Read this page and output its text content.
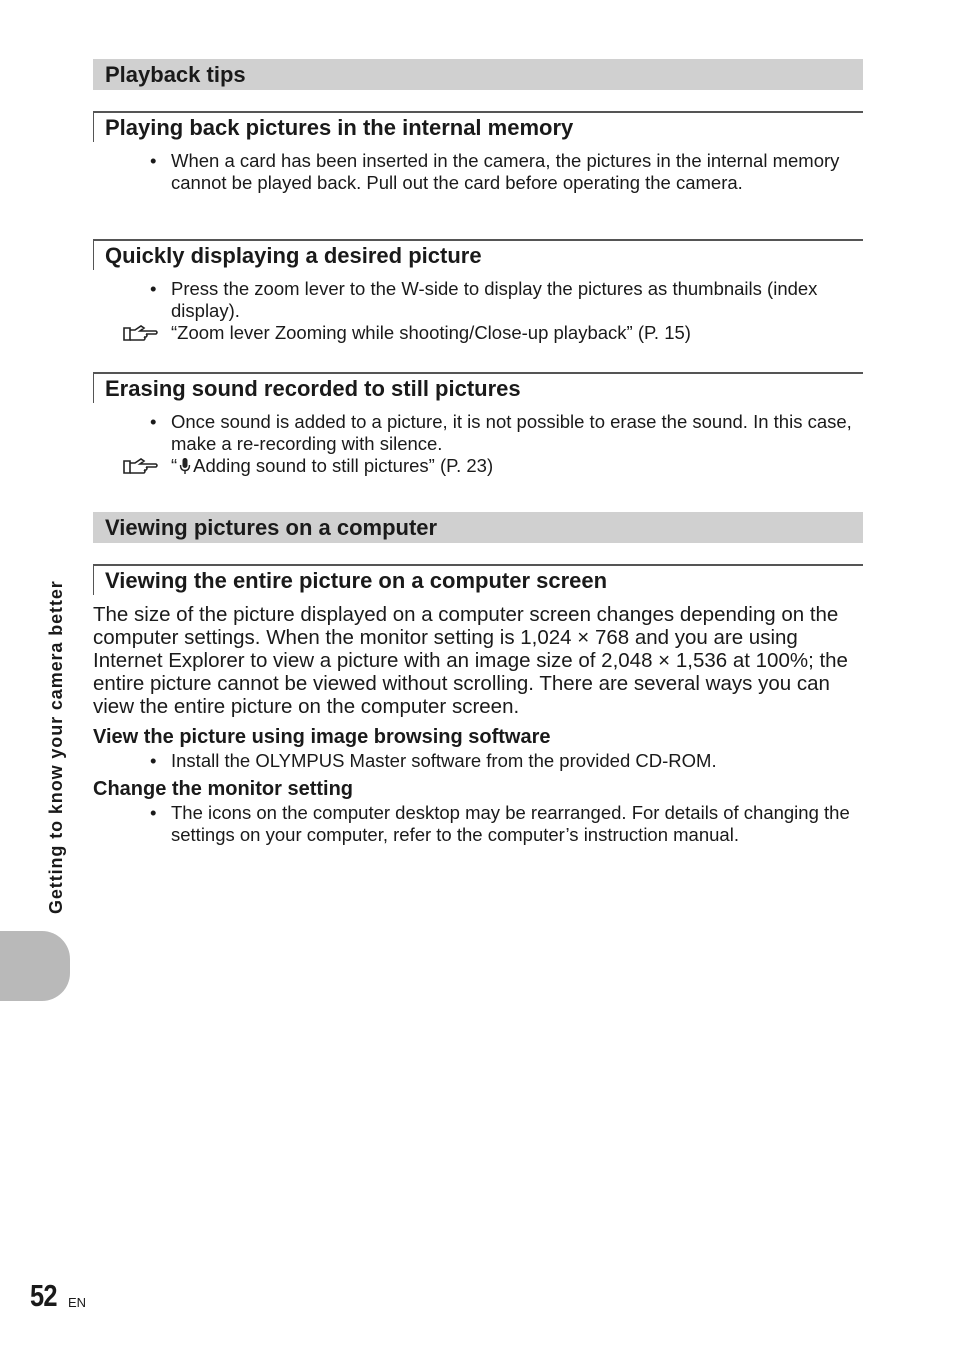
Playback tips
Playing back pictures in the internal memory
• When a card has been inserted in the camera, the pictures in the internal memory cannot be played back. Pull out the card before operating the camera.
Quickly displaying a desired picture
• Press the zoom lever to the W-side to display the pictures as thumbnails (index display).
“Zoom lever Zooming while shooting/Close-up playback” (P. 15)
Erasing sound recorded to still pictures
• Once sound is added to a picture, it is not possible to erase the sound. In this case, make a re-recording with silence.
“ Adding sound to still pictures” (P. 23)
Viewing pictures on a computer
Viewing the entire picture on a computer screen
The size of the picture displayed on a computer screen changes depending on the computer settings. When the monitor setting is 1,024 × 768 and you are using Internet Explorer to view a picture with an image size of 2,048 × 1,536 at 100%; the entire picture cannot be viewed without scrolling. There are several ways you can view the entire picture on the computer screen.
View the picture using image browsing software
• Install the OLYMPUS Master software from the provided CD-ROM.
Change the monitor setting
• The icons on the computer desktop may be rearranged. For details of changing the settings on your computer, refer to the computer’s instruction manual.
Getting to know your camera better
52 EN
